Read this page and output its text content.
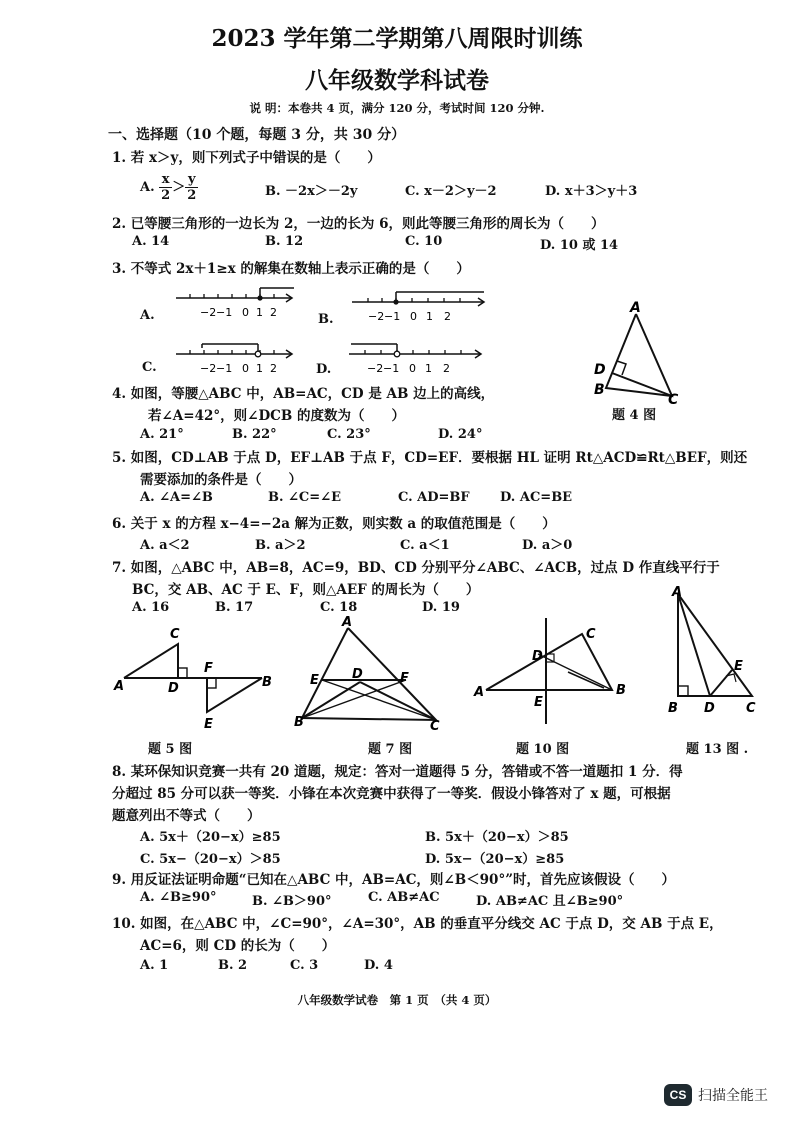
2023 学年第二学期第八周限时训练
八年级数学科试卷
说 明：本卷共 4 页，满分 120 分，考试时间 120 分钟.
一、选择题（10 个题，每题 3 分，共 30 分）
1. 若 x＞y，则下列式子中错误的是（　　）
A. $\frac{x}{2} > \frac{y}{2}$	B. －2x＞－2y	C. x－2＞y－2	D. x＋3＞y＋3
2. 已等腰三角形的一边长为 2，一边的长为 6，则此等腰三角形的周长为（　　）
A. 14	B. 12	C. 10	D. 10 或 14
3. 不等式 2x＋1≥x 的解集在数轴上表示正确的是（　　）
A.	B.
C.	D.
−2 −1 0 1 2	−2 −1 0 1 2
−2 −1 0 1 2	−2 −1 0 1 2
A
D
B
C
题 4 图
4. 如图，等腰△ABC 中，AB=AC，CD 是 AB 边上的高线，
若∠A=42°，则∠DCB 的度数为（　　）
A. 21°	B. 22°	C. 23°	D. 24°
5. 如图，CD⊥AB 于点 D，EF⊥AB 于点 F，CD=EF．要根据 HL 证明 Rt△ACD≌Rt△BEF，则还
需要添加的条件是（　　）
A. ∠A=∠B	B. ∠C=∠E	C. AD=BF D. AC=BE
6. 关于 x 的方程 x−4=−2a 解为正数，则实数 a 的取值范围是（　　）
A. a＜2	B. a＞2	C. a＜1	D. a＞0
7. 如图，△ABC 中，AB=8，AC=9，BD、CD 分别平分∠ABC、∠ACB，过点 D 作直线平行于
BC，交 AB、AC 于 E、F，则△AEF 的周长为（　　）
A. 16	B. 17	C. 18	D. 19
C
A	D
F
B
E
A
E	D	F
B	C
C
D
A
E
B
A
E
B D C
题 5 图	题 7 图	题 10 图	题 13 图 .
8. 某环保知识竞赛一共有 20 道题，规定：答对一道题得 5 分，答错或不答一道题扣 1 分．得
分超过 85 分可以获一等奖．小锋在本次竞赛中获得了一等奖．假设小锋答对了 x 题，可根据
题意列出不等式（　　）
A. 5x＋（20−x）≥85	B. 5x＋（20−x）＞85
C. 5x−（20−x）＞85	D. 5x−（20−x）≥85
9. 用反证法证明命题“已知在△ABC 中，AB=AC，则∠B＜90°”时，首先应该假设（　　）
A. ∠B≥90°	B. ∠B＞90°	C. AB≠AC	D. AB≠AC 且∠B≥90°
10. 如图，在△ABC 中，∠C=90°，∠A=30°，AB 的垂直平分线交 AC 于点 D，交 AB 于点 E，
AC=6，则 CD 的长为（　　）
A. 1	B. 2	C. 3	D. 4
八年级数学试卷　第 1 页　（共 4 页）
CS 扫描全能王
